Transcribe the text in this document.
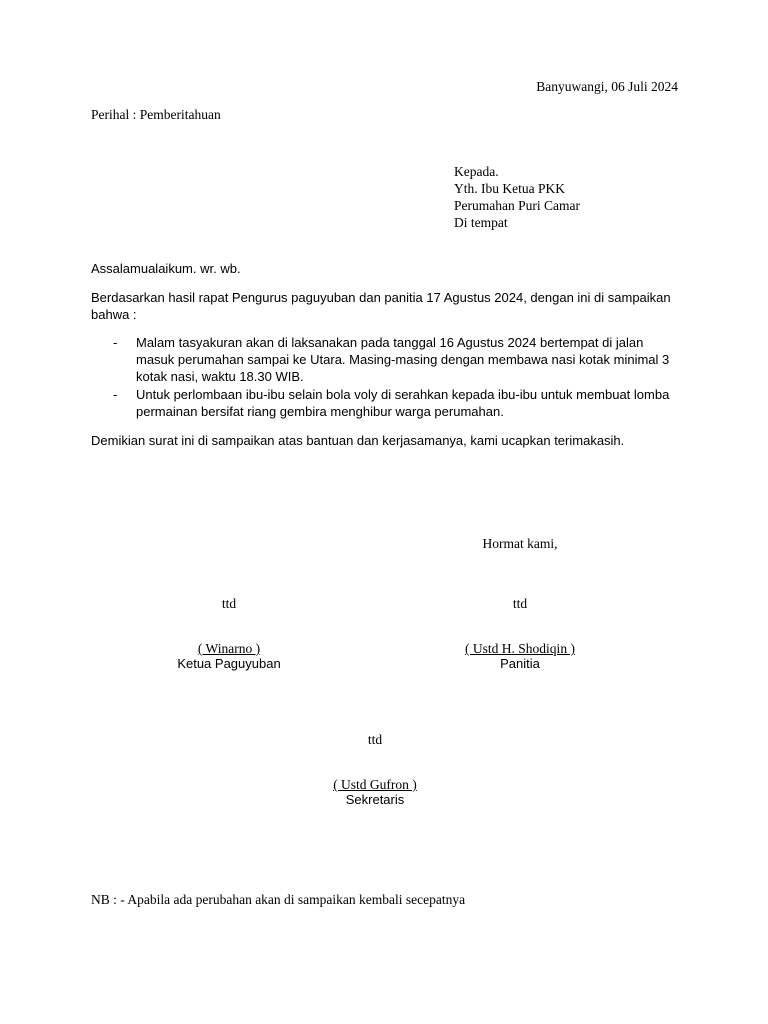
Banyuwangi, 06 Juli 2024
Perihal : Pemberitahuan
Kepada.
Yth. Ibu Ketua PKK
Perumahan Puri Camar
Di tempat
Assalamualaikum. wr. wb.
Berdasarkan hasil rapat Pengurus paguyuban dan panitia 17 Agustus 2024, dengan ini di sampaikan bahwa :
- Malam tasyakuran akan di laksanakan pada tanggal 16 Agustus 2024 bertempat di jalan masuk perumahan sampai ke Utara. Masing-masing dengan membawa nasi kotak minimal 3 kotak nasi, waktu 18.30 WIB.
- Untuk perlombaan ibu-ibu selain bola voly di serahkan kepada ibu-ibu untuk membuat lomba permainan bersifat riang gembira menghibur warga perumahan.
Demikian surat ini di sampaikan atas bantuan dan kerjasamanya, kami ucapkan terimakasih.
Hormat kami,
ttd
( Winarno )
Ketua Paguyuban
ttd
( Ustd H. Shodiqin )
Panitia
ttd
( Ustd Gufron )
Sekretaris
NB : - Apabila ada perubahan akan di sampaikan kembali secepatnya
